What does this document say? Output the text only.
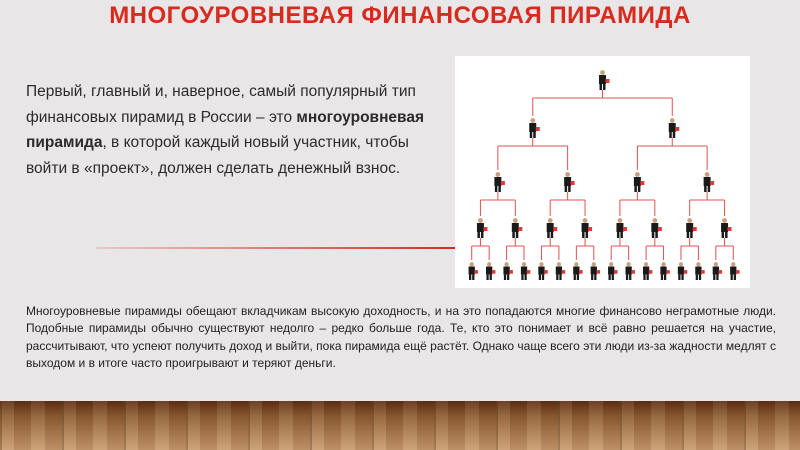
МНОГОУРОВНЕВАЯ ФИНАНСОВАЯ ПИРАМИДА

Первый, главный и, наверное, самый популярный тип финансовых пирамид в России – это многоуровневая пирамида, в которой каждый новый участник, чтобы войти в «проект», должен сделать денежный взнос.

Многоуровневые пирамиды обещают вкладчикам высокую доходность, и на это попадаются многие финансово неграмотные люди. Подобные пирамиды обычно существуют недолго – редко больше года. Те, кто это понимает и всё равно решается на участие, рассчитывают, что успеют получить доход и выйти, пока пирамида ещё растёт. Однако чаще всего эти люди из-за жадности медлят с выходом и в итоге часто проигрывают и теряют деньги.
